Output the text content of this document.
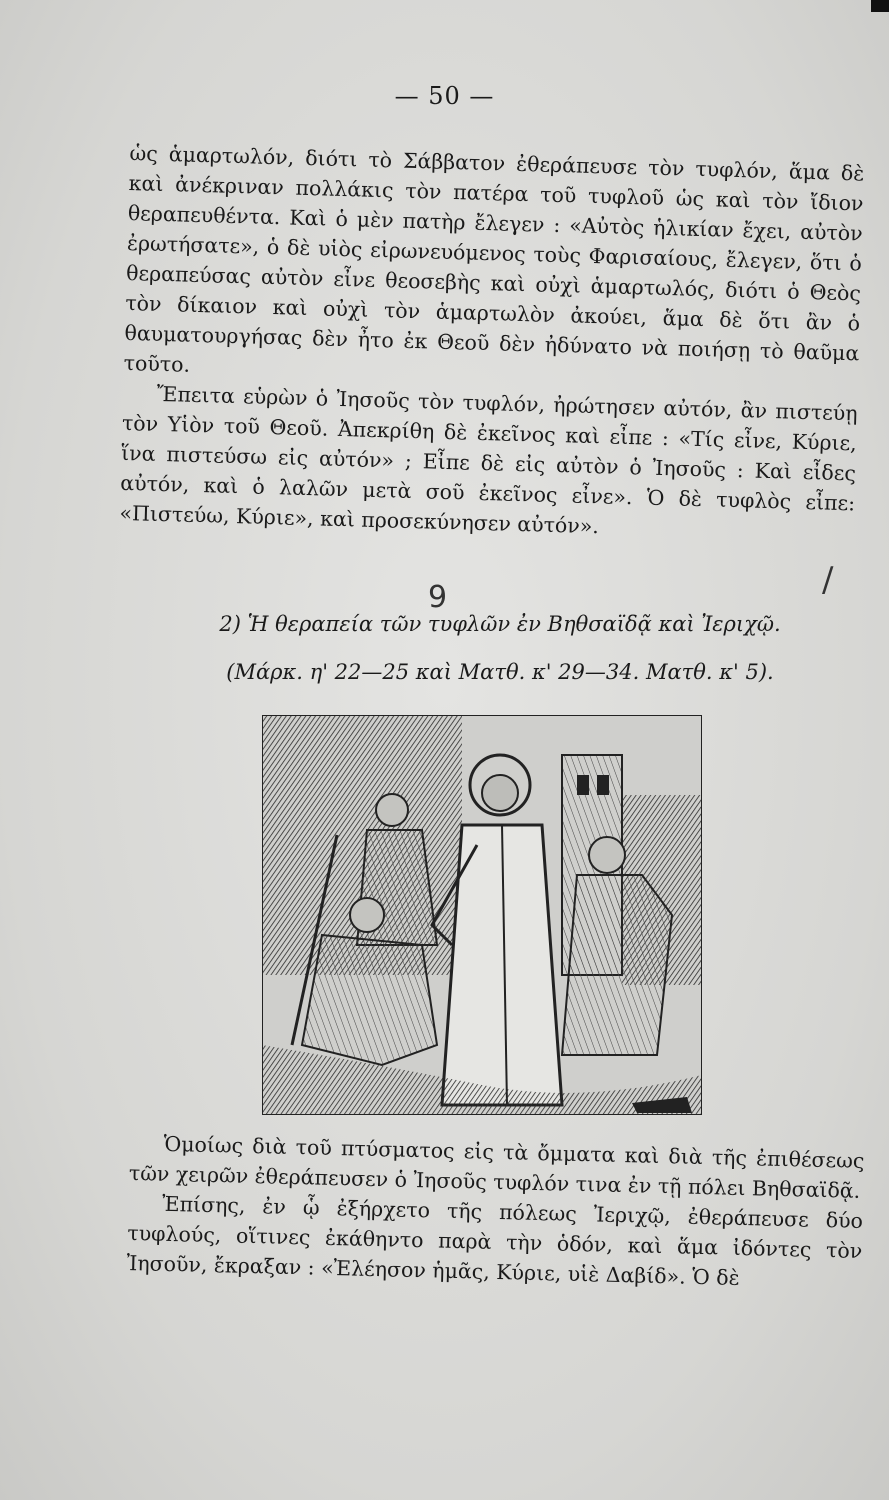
— 50 —

ὡς ἁμαρτωλόν, διότι τὸ Σάββατον ἐθεράπευσε τὸν τυφλόν, ἅμα δὲ καὶ ἀνέκριναν πολλάκις τὸν πατέρα τοῦ τυφλοῦ ὡς καὶ τὸν ἴδιον θεραπευθέντα. Καὶ ὁ μὲν πατὴρ ἔλεγεν : «Αὐτὸς ἡλικίαν ἔχει, αὐτὸν ἐρωτήσατε», ὁ δὲ υἱὸς εἰρωνευόμενος τοὺς Φαρισαίους, ἔλεγεν, ὅτι ὁ θεραπεύσας αὐτὸν εἶνε θεοσεβὴς καὶ οὐχὶ ἁμαρτωλός, διότι ὁ Θεὸς τὸν δίκαιον καὶ οὐχὶ τὸν ἁμαρτωλὸν ἀκούει, ἅμα δὲ ὅτι ἂν ὁ θαυματουργήσας δὲν ἦτο ἐκ Θεοῦ δὲν ἠδύνατο νὰ ποιήσῃ τὸ θαῦμα τοῦτο.

Ἔπειτα εὑρὼν ὁ Ἰησοῦς τὸν τυφλόν, ἠρώτησεν αὐτόν, ἂν πιστεύῃ τὸν Υἱὸν τοῦ Θεοῦ. Ἀπεκρίθη δὲ ἐκεῖνος καὶ εἶπε : «Τίς εἶνε, Κύριε, ἵνα πιστεύσω εἰς αὐτόν» ; Εἶπε δὲ εἰς αὐτὸν ὁ Ἰησοῦς : Καὶ εἶδες αὐτόν, καὶ ὁ λαλῶν μετὰ σοῦ ἐκεῖνος εἶνε». Ὁ δὲ τυφλὸς εἶπε: «Πιστεύω, Κύριε», καὶ προσεκύνησεν αὐτόν».

9	/
2) Ἡ θεραπεία τῶν τυφλῶν ἐν Βηθσαϊδᾷ καὶ Ἰεριχῷ.
(Μάρκ. η' 22—25 καὶ Ματθ. κ' 29—34. Ματθ. κ' 5).

Ὁμοίως διὰ τοῦ πτύσματος εἰς τὰ ὄμματα καὶ διὰ τῆς ἐπιθέσεως τῶν χειρῶν ἐθεράπευσεν ὁ Ἰησοῦς τυφλόν τινα ἐν τῇ πόλει Βηθσαϊδᾷ.

Ἐπίσης, ἐν ᾧ ἐξήρχετο τῆς πόλεως Ἰεριχῷ, ἐθεράπευσε δύο τυφλούς, οἵτινες ἐκάθηντο παρὰ τὴν ὁδόν, καὶ ἅμα ἰδόντες τὸν Ἰησοῦν, ἔκραξαν : «Ἐλέησον ἡμᾶς, Κύριε, υἱὲ Δαβίδ». Ὁ δὲ
